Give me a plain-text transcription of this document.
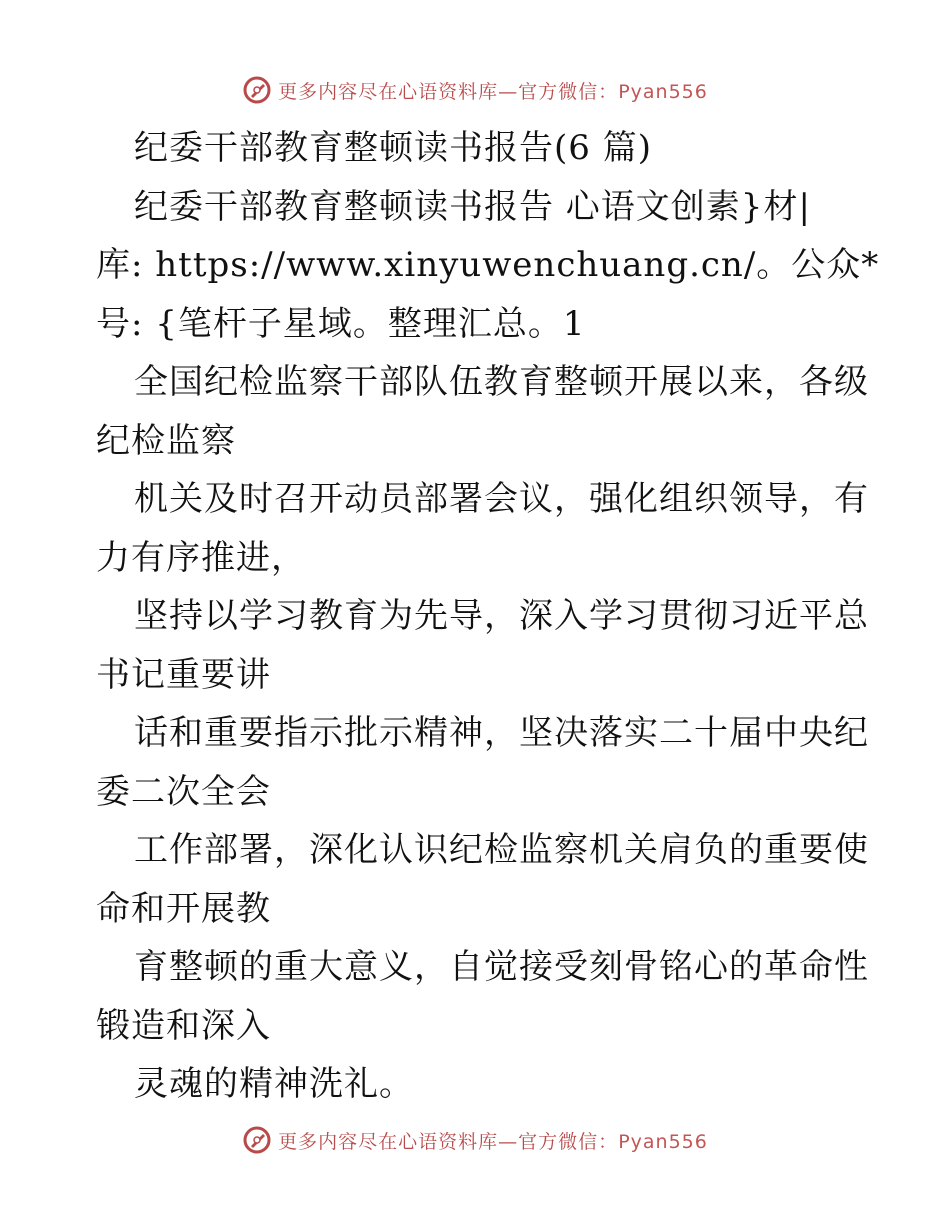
更多内容尽在心语资料库—官方微信：Pyan556

纪委干部教育整顿读书报告(6 篇)

纪委干部教育整顿读书报告 心语文创素}材|

库: https://www.xinyuwenchuang.cn/。公众*

号: {笔杆子星域。整理汇总。1

全国纪检监察干部队伍教育整顿开展以来，各级

纪检监察

机关及时召开动员部署会议，强化组织领导，有

力有序推进，

坚持以学习教育为先导，深入学习贯彻习近平总

书记重要讲

话和重要指示批示精神，坚决落实二十届中央纪

委二次全会

工作部署，深化认识纪检监察机关肩负的重要使

命和开展教

育整顿的重大意义，自觉接受刻骨铭心的革命性

锻造和深入

灵魂的精神洗礼。

更多内容尽在心语资料库—官方微信：Pyan556
